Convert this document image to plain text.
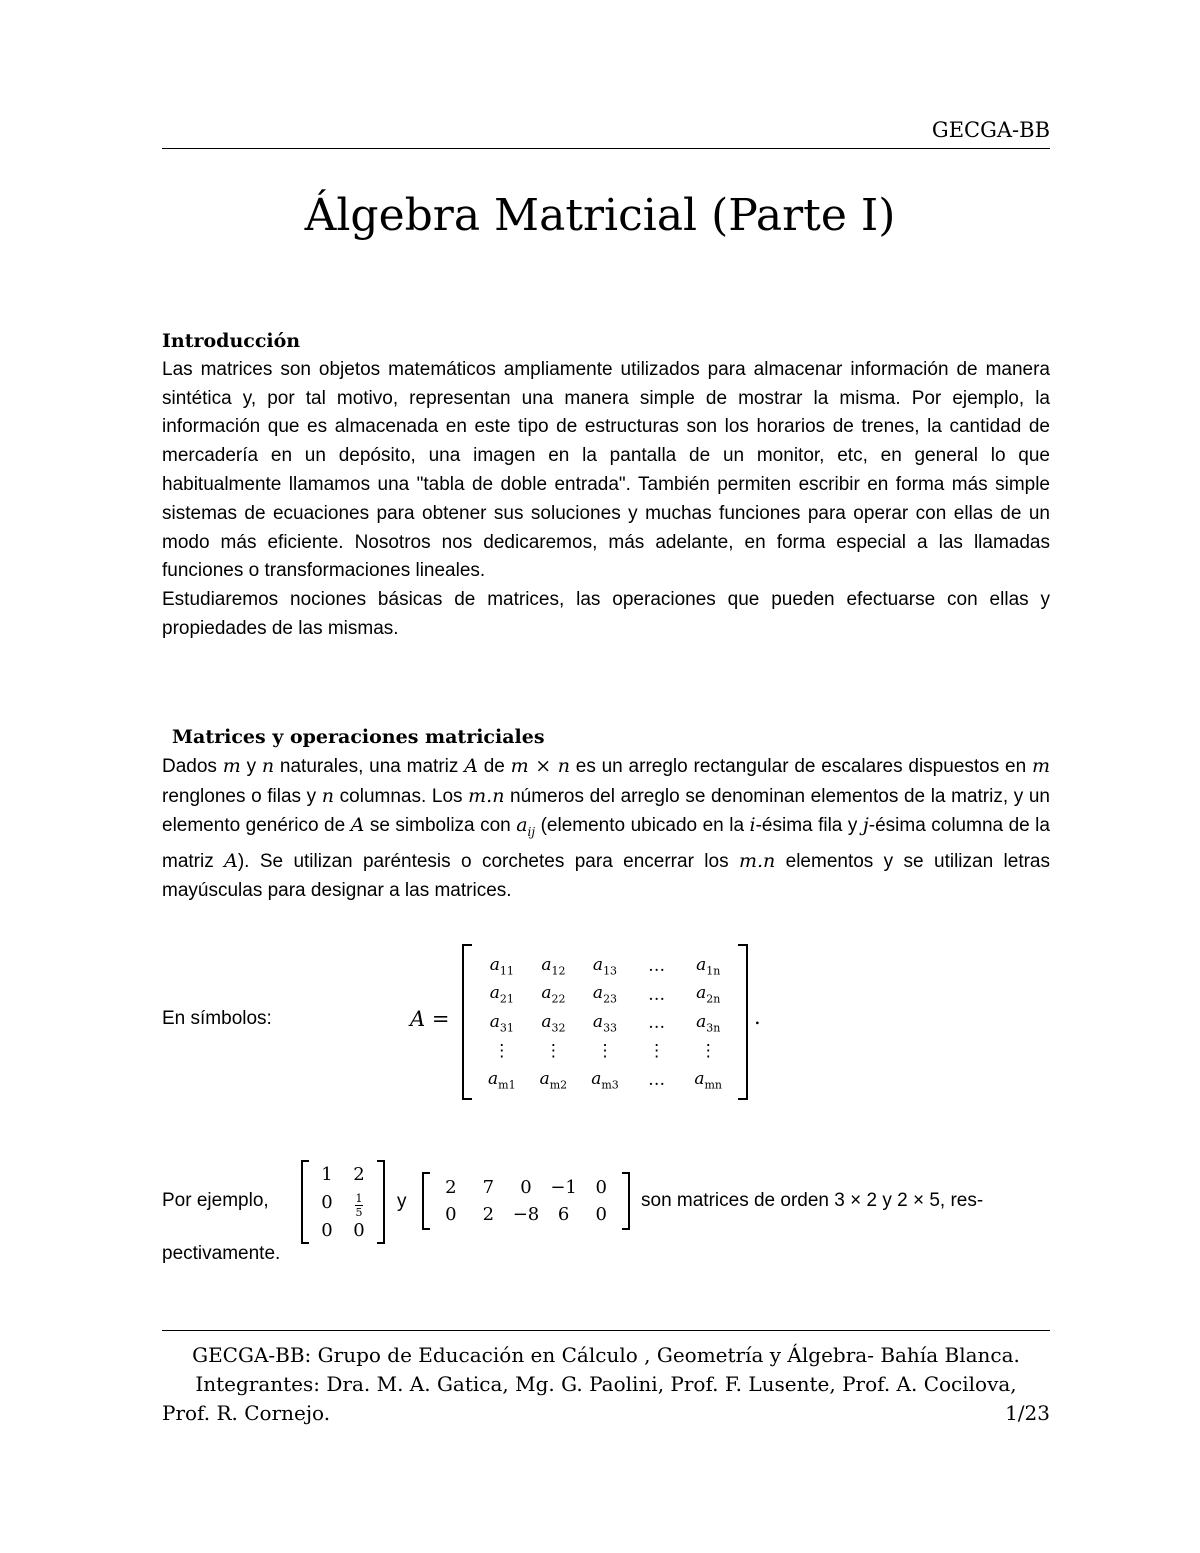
GECGA-BB
Álgebra Matricial (Parte I)
Introducción

Las matrices son objetos matemáticos ampliamente utilizados para almacenar información de manera sintética y, por tal motivo, representan una manera simple de mostrar la misma. Por ejemplo, la información que es almacenada en este tipo de estructuras son los horarios de trenes, la cantidad de mercadería en un depósito, una imagen en la pantalla de un monitor, etc, en general lo que habitualmente llamamos una "tabla de doble entrada". También permiten escribir en forma más simple sistemas de ecuaciones para obtener sus soluciones y muchas funciones para operar con ellas de un modo más eficiente. Nosotros nos dedicaremos, más adelante, en forma especial a las llamadas funciones o transformaciones lineales.

Estudiaremos nociones básicas de matrices, las operaciones que pueden efectuarse con ellas y propiedades de las mismas.

Matrices y operaciones matriciales

Dados m y n naturales, una matriz A de m × n es un arreglo rectangular de escalares dispuestos en m renglones o filas y n columnas. Los m.n números del arreglo se denominan elementos de la matriz, y un elemento genérico de A se simboliza con $a_{ij}$ (elemento ubicado en la i-ésima fila y j-ésima columna de la matriz A). Se utilizan paréntesis o corchetes para encerrar los m.n elementos y se utilizan letras mayúsculas para designar a las matrices.

En símbolos:	A =
$a_{11}$	$a_{12}$	$a_{13}$	…	$a_{1n}$
$a_{21}$	$a_{22}$	$a_{23}$	…	$a_{2n}$
$a_{31}$	$a_{32}$	$a_{33}$	…	$a_{3n}$
⋮	⋮	⋮	⋮	⋮
$a_{m1}$	$a_{m2}$	$a_{m3}$	…	$a_{mn}$
.
Por ejemplo,
1	2
0	$\frac{1}{5}$
0	0
y
2	7	0	−1	0
0	2	−8	6	0
son matrices de orden 3 × 2 y 2 × 5, res-
pectivamente.
GECGA-BB: Grupo de Educación en Cálculo , Geometría y Álgebra- Bahía Blanca.
Integrantes: Dra. M. A. Gatica, Mg. G. Paolini, Prof. F. Lusente, Prof. A. Cocilova,
Prof. R. Cornejo.	1/23
